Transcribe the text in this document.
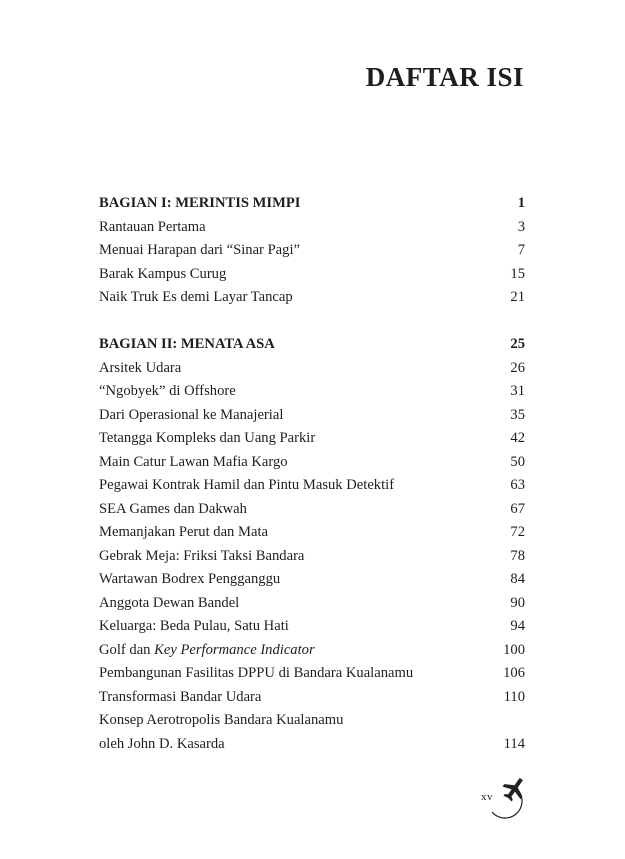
DAFTAR ISI
BAGIAN I: MERINTIS MIMPI	1
Rantauan Pertama	3
Menuai Harapan dari “Sinar Pagi”	7
Barak Kampus Curug	15
Naik Truk Es demi Layar Tancap	21
BAGIAN II: MENATA ASA	25
Arsitek Udara	26
“Ngobyek” di Offshore	31
Dari Operasional ke Manajerial	35
Tetangga Kompleks dan Uang Parkir	42
Main Catur Lawan Mafia Kargo	50
Pegawai Kontrak Hamil dan Pintu Masuk Detektif	63
SEA Games dan Dakwah	67
Memanjakan Perut dan Mata	72
Gebrak Meja: Friksi Taksi Bandara	78
Wartawan Bodrex Pengganggu	84
Anggota Dewan Bandel	90
Keluarga: Beda Pulau, Satu Hati	94
Golf dan Key Performance Indicator	100
Pembangunan Fasilitas DPPU di Bandara Kualanamu	106
Transformasi Bandar Udara	110
Konsep Aerotropolis Bandara Kualanamu
oleh John D. Kasarda	114
xv
